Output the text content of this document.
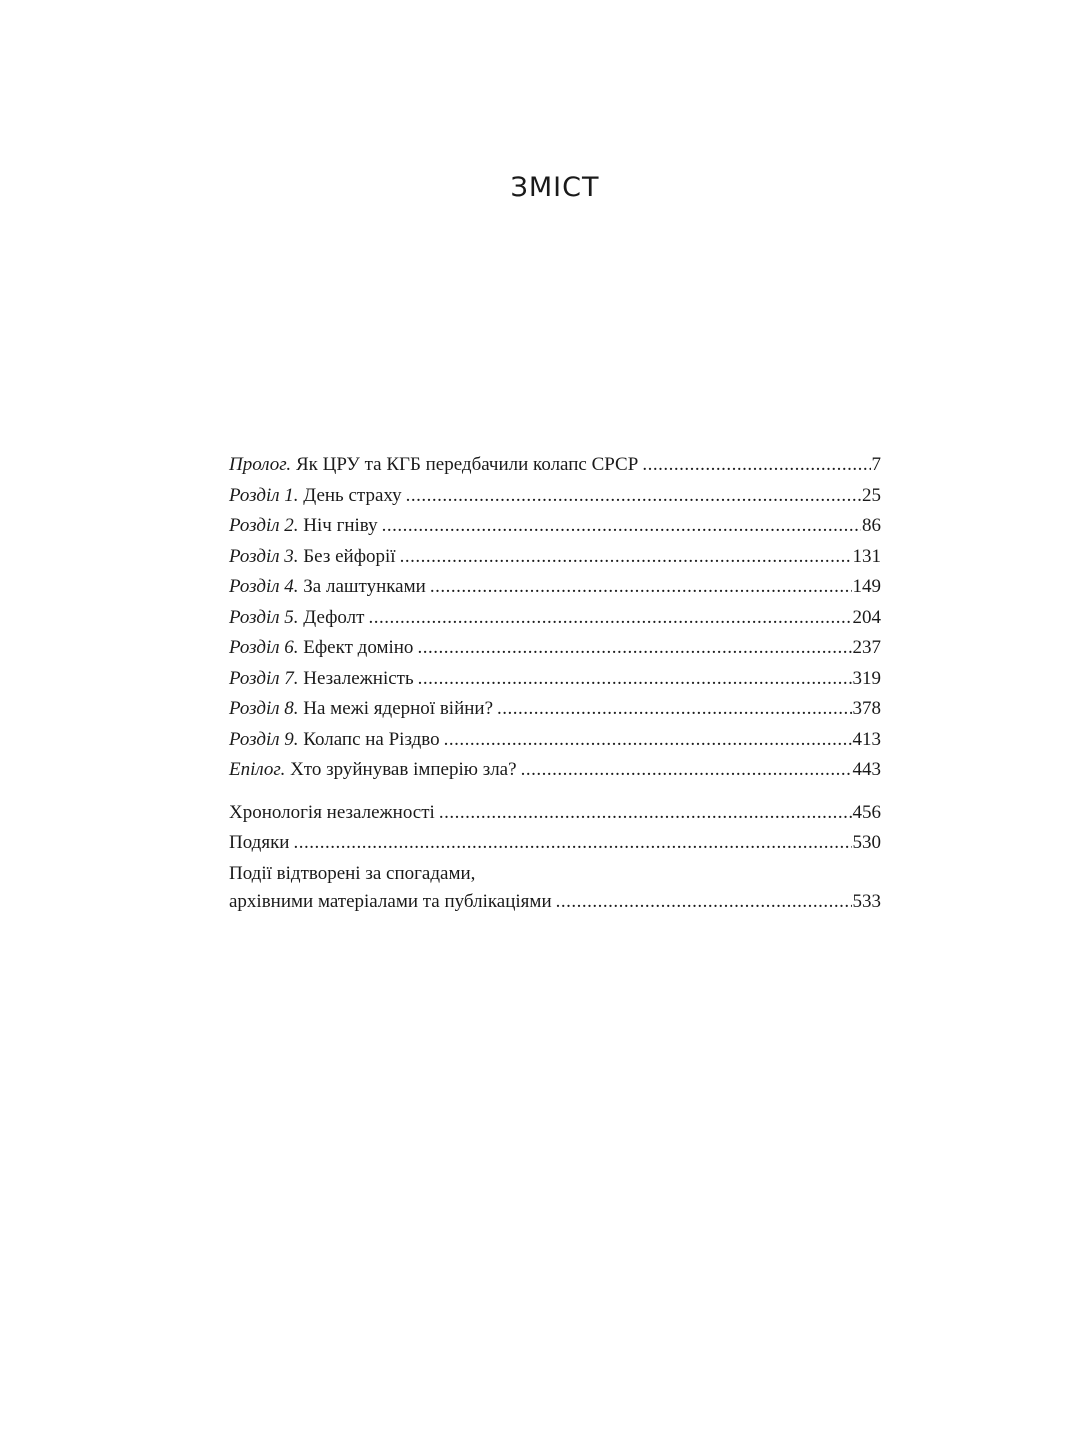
ЗМІСТ
Пролог. Як ЦРУ та КГБ передбачили колапс СРСР .....	7
Розділ 1. День страху .....	25
Розділ 2. Ніч гніву .....	86
Розділ 3. Без ейфорії .....	131
Розділ 4. За лаштунками .....	149
Розділ 5. Дефолт .....	204
Розділ 6. Ефект доміно .....	237
Розділ 7. Незалежність .....	319
Розділ 8. На межі ядерної війни? .....	378
Розділ 9. Колапс на Різдво .....	413
Епілог. Хто зруйнував імперію зла? .....	443
Хронологія незалежності .....	456
Подяки .....	530
Події відтворені за спогадами,
архівними матеріалами та публікаціями .....	533
